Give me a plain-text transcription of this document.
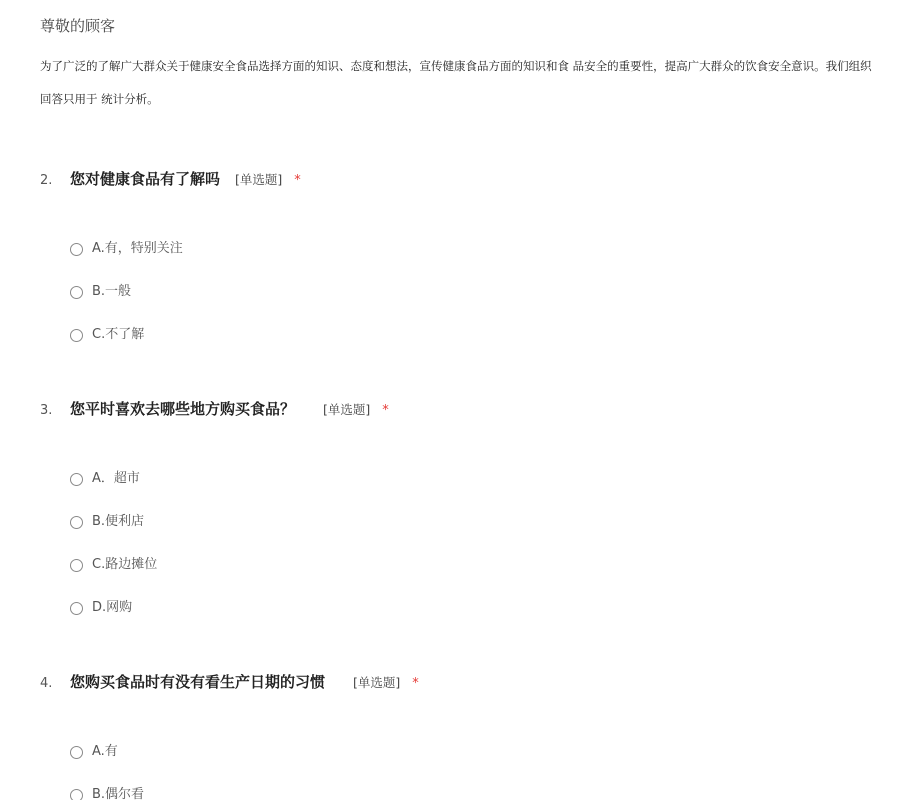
尊敬的顾客
为了广泛的了解广大群众关于健康安全食品选择方面的知识、态度和想法，宣传健康食品方面的知识和食 品安全的重要性，提高广大群众的饮食安全意识。我们组织
回答只用于 统计分析。
2. 您对健康食品有了解吗 [单选题] *
A.有，特别关注
B.一般
C.不了解
3. 您平时喜欢去哪些地方购买食品？ [单选题] *
A．超市
B.便利店
C.路边摊位
D.网购
4. 您购买食品时有没有看生产日期的习惯 [单选题] *
A.有
B.偶尔看
